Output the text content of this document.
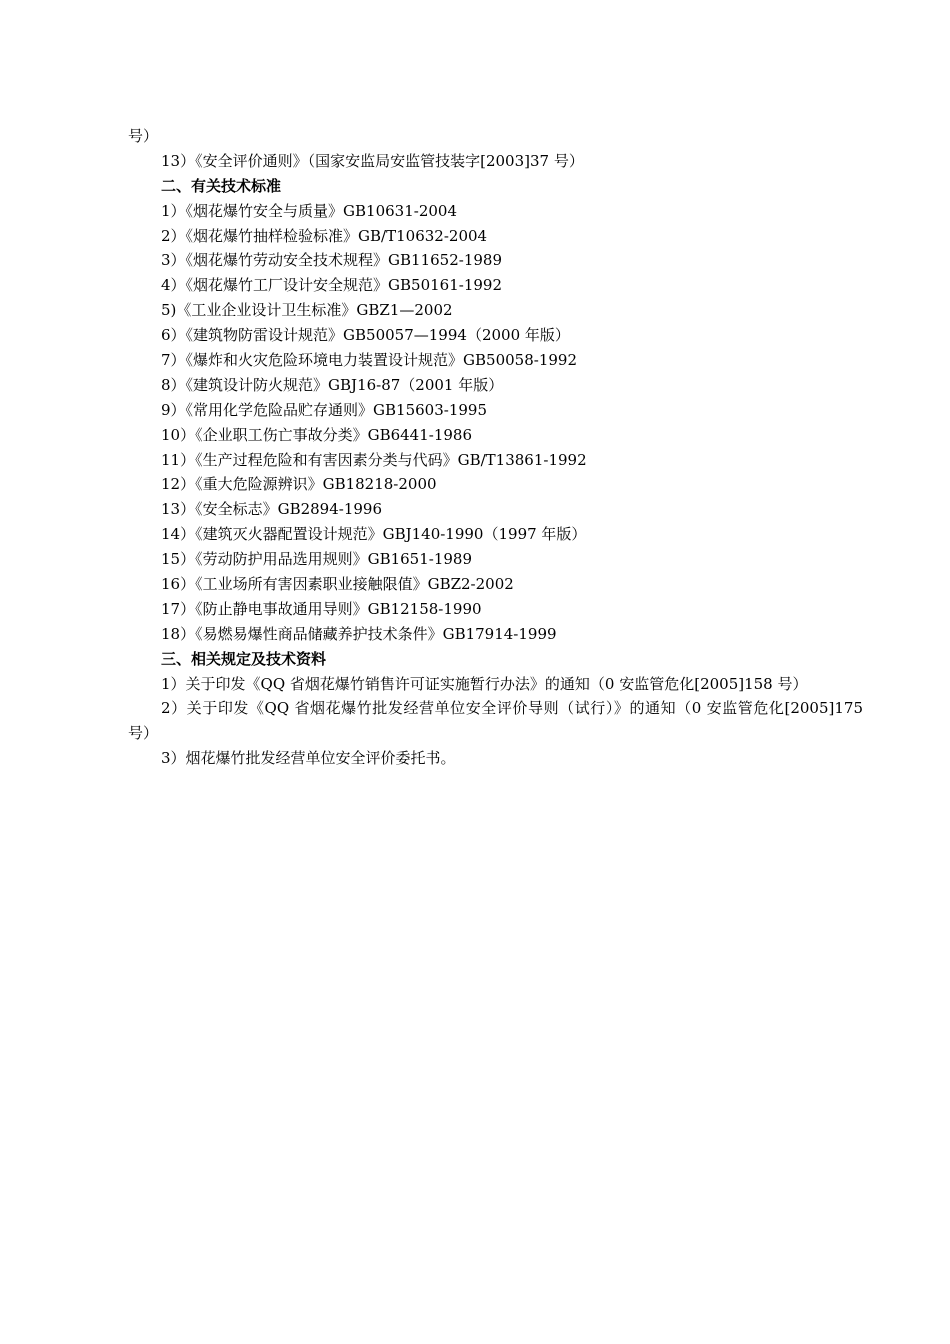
号）
13）《安全评价通则》（国家安监局安监管技装字[2003]37 号）
二、有关技术标准
1）《烟花爆竹安全与质量》GB10631-2004
2）《烟花爆竹抽样检验标准》GB/T10632-2004
3）《烟花爆竹劳动安全技术规程》GB11652-1989
4）《烟花爆竹工厂设计安全规范》GB50161-1992
5)《工业企业设计卫生标准》GBZ1—2002
6）《建筑物防雷设计规范》GB50057—1994（2000 年版）
7）《爆炸和火灾危险环境电力装置设计规范》GB50058-1992
8）《建筑设计防火规范》GBJ16-87（2001 年版）
9）《常用化学危险品贮存通则》GB15603-1995
10）《企业职工伤亡事故分类》GB6441-1986
11）《生产过程危险和有害因素分类与代码》GB/T13861-1992
12）《重大危险源辨识》GB18218-2000
13）《安全标志》GB2894-1996
14）《建筑灭火器配置设计规范》GBJ140-1990（1997 年版）
15）《劳动防护用品选用规则》GB1651-1989
16）《工业场所有害因素职业接触限值》GBZ2-2002
17）《防止静电事故通用导则》GB12158-1990
18）《易燃易爆性商品储藏养护技术条件》GB17914-1999
三、相关规定及技术资料
1）关于印发《QQ 省烟花爆竹销售许可证实施暂行办法》的通知（0 安监管危化[2005]158 号）
2）关于印发《QQ 省烟花爆竹批发经营单位安全评价导则（试行）》的通知（0 安监管危化[2005]175 号）
3）烟花爆竹批发经营单位安全评价委托书。
